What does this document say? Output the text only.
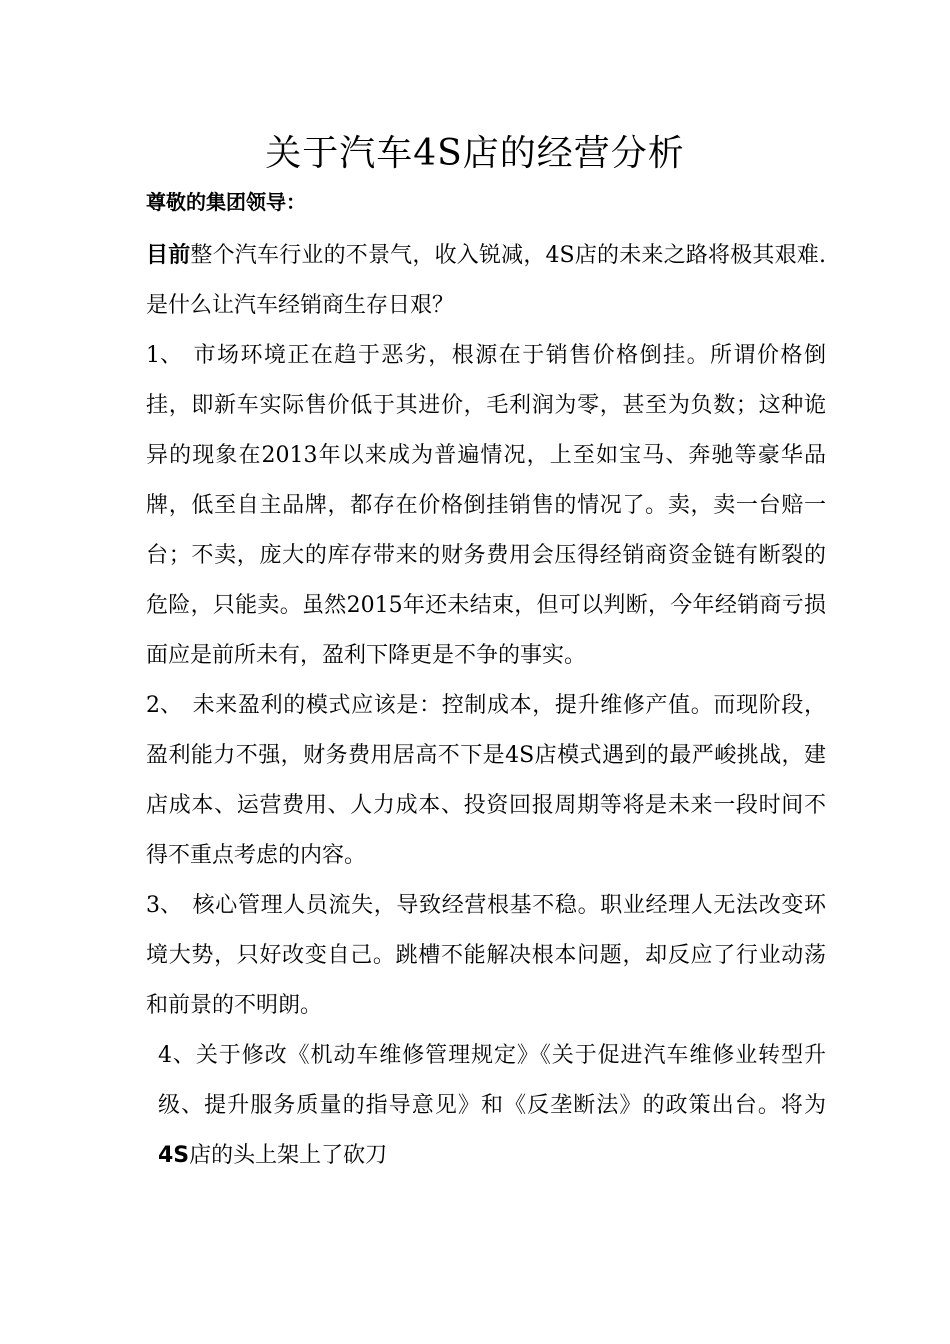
关于汽车4S店的经营分析

尊敬的集团领导：

目前整个汽车行业的不景气，收入锐减，4S店的未来之路将极其艰难.是什么让汽车经销商生存日艰？

1、 市场环境正在趋于恶劣，根源在于销售价格倒挂。所谓价格倒挂，即新车实际售价低于其进价，毛利润为零，甚至为负数；这种诡异的现象在2013年以来成为普遍情况，上至如宝马、奔驰等豪华品牌，低至自主品牌，都存在价格倒挂销售的情况了。卖，卖一台赔一台；不卖，庞大的库存带来的财务费用会压得经销商资金链有断裂的危险，只能卖。虽然2015年还未结束，但可以判断，今年经销商亏损面应是前所未有，盈利下降更是不争的事实。

2、 未来盈利的模式应该是：控制成本，提升维修产值。而现阶段，盈利能力不强，财务费用居高不下是4S店模式遇到的最严峻挑战，建店成本、运营费用、人力成本、投资回报周期等将是未来一段时间不得不重点考虑的内容。

3、 核心管理人员流失，导致经营根基不稳。职业经理人无法改变环境大势，只好改变自己。跳槽不能解决根本问题，却反应了行业动荡和前景的不明朗。

4、关于修改《机动车维修管理规定》《关于促进汽车维修业转型升级、提升服务质量的指导意见》和《反垄断法》的政策出台。将为4S店的头上架上了砍刀
